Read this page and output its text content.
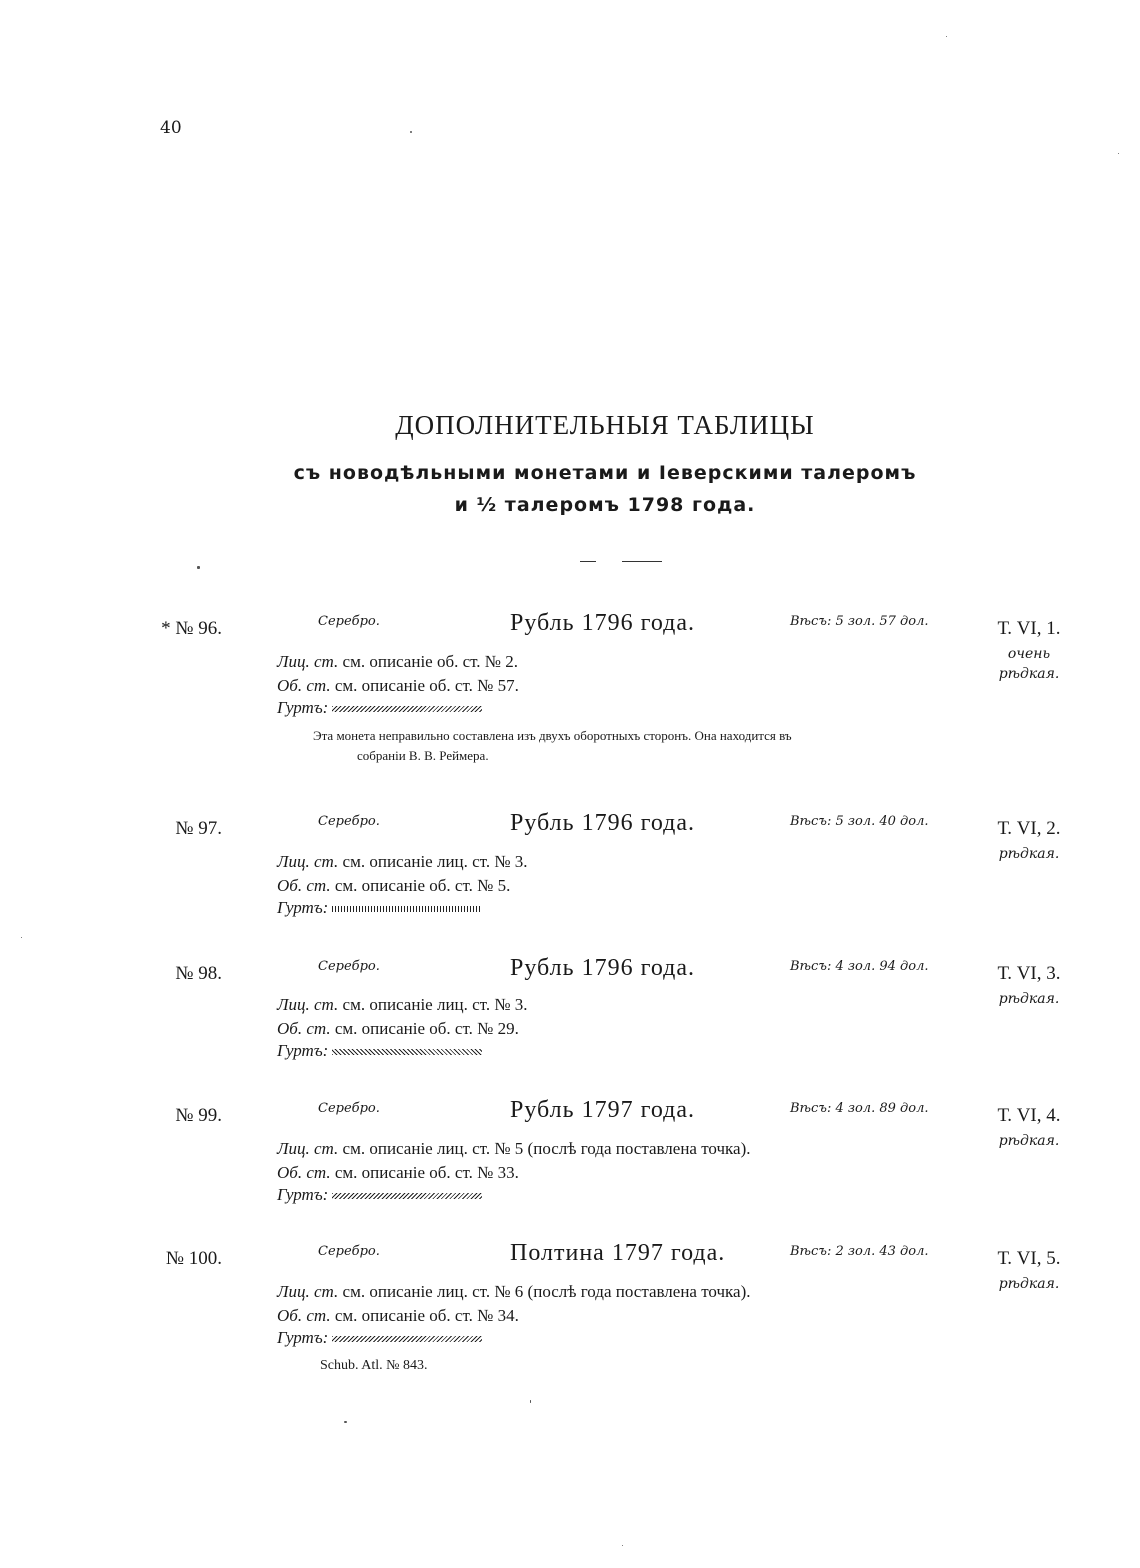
40
ДОПОЛНИТЕЛЬНЫЯ ТАБЛИЦЫ
съ новодѣльными монетами и Іеверскими талеромъ
и ½ талеромъ 1798 года.
* № 96.	Серебро.	Рубль 1796 года.	Вѣсъ: 5 зол. 57 дол.	Т. VI, 1.
очень рѣдкая.
Лиц. ст. см. описаніе об. ст. № 2.
Об. ст. см. описаніе об. ст. № 57.
Гуртъ:
Эта монета неправильно составлена изъ двухъ оборотныхъ сторонъ. Она находится въ
собраніи В. В. Реймера.
№ 97.	Серебро.	Рубль 1796 года.	Вѣсъ: 5 зол. 40 дол.	Т. VI, 2.
рѣдкая.
Лиц. ст. см. описаніе лиц. ст. № 3.
Об. ст. см. описаніе об. ст. № 5.
Гуртъ:
№ 98.	Серебро.	Рубль 1796 года.	Вѣсъ: 4 зол. 94 дол.	Т. VI, 3.
рѣдкая.
Лиц. ст. см. описаніе лиц. ст. № 3.
Об. ст. см. описаніе об. ст. № 29.
Гуртъ:
№ 99.	Серебро.	Рубль 1797 года.	Вѣсъ: 4 зол. 89 дол.	Т. VI, 4.
рѣдкая.
Лиц. ст. см. описаніе лиц. ст. № 5 (послѣ года поставлена точка).
Об. ст. см. описаніе об. ст. № 33.
Гуртъ:
№ 100.	Серебро.	Полтина 1797 года.	Вѣсъ: 2 зол. 43 дол.	Т. VI, 5.
рѣдкая.
Лиц. ст. см. описаніе лиц. ст. № 6 (послѣ года поставлена точка).
Об. ст. см. описаніе об. ст. № 34.
Гуртъ:
Schub. Atl. № 843.
